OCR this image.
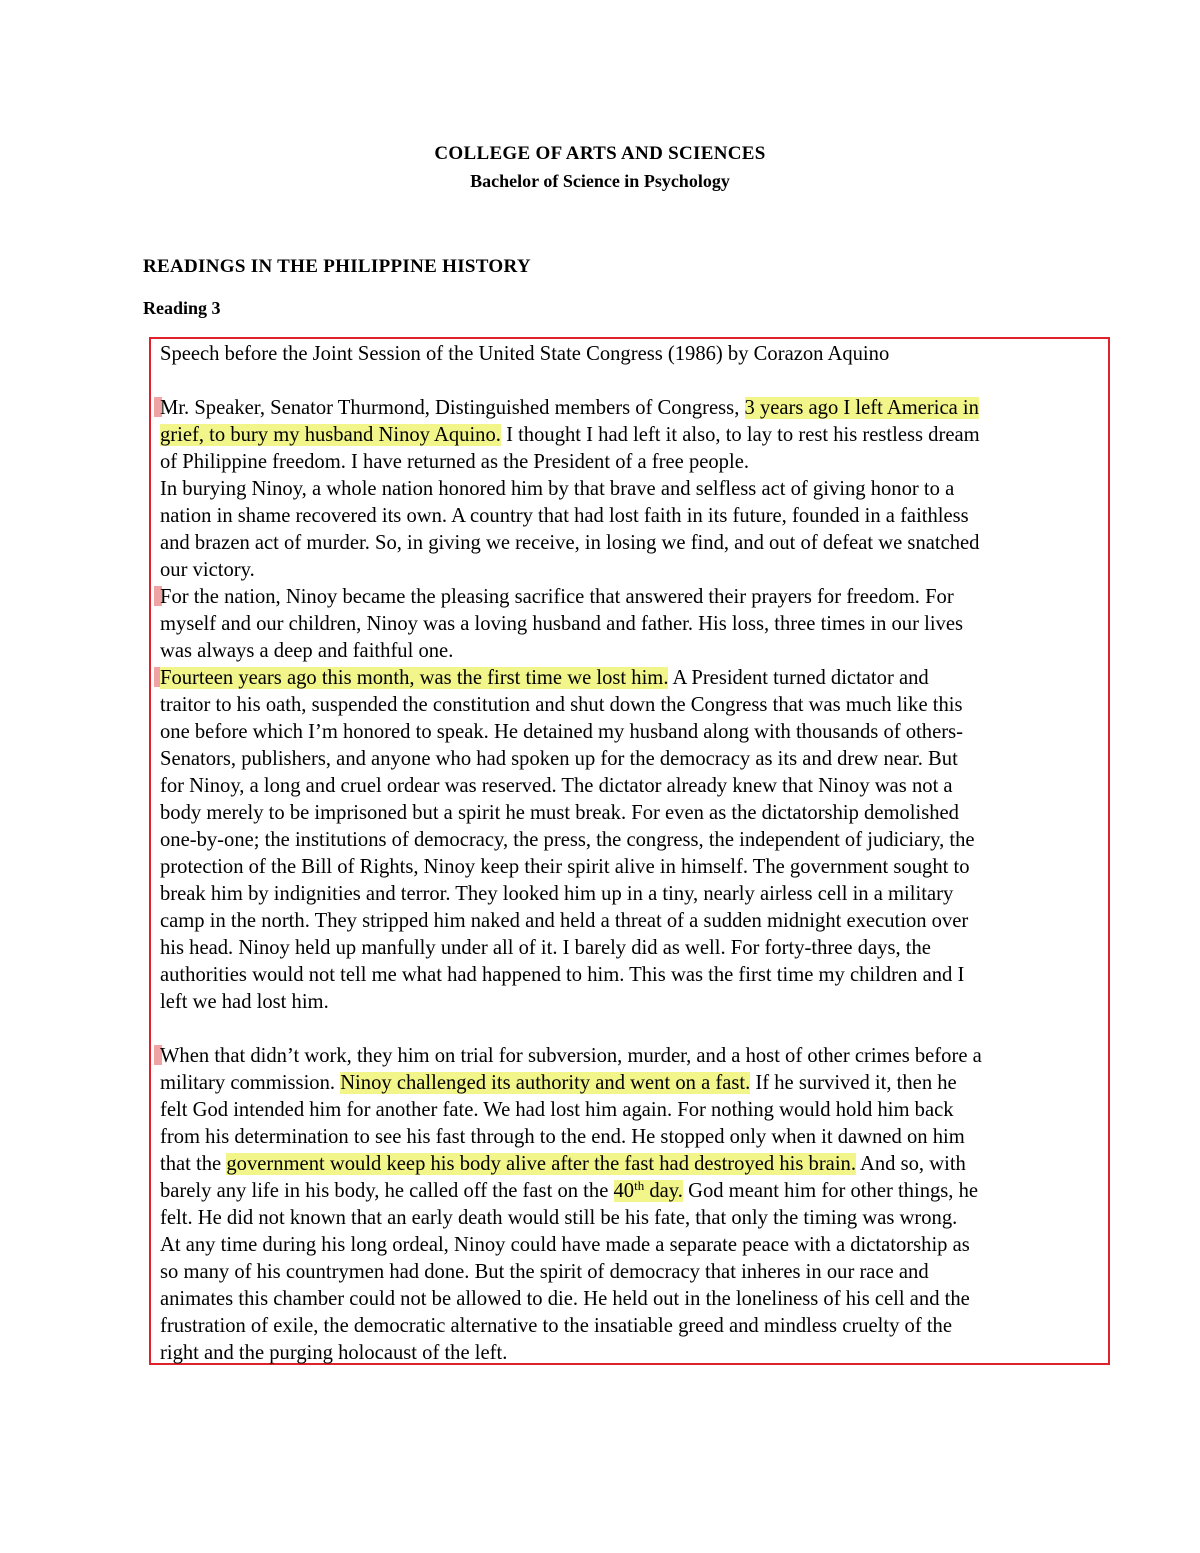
COLLEGE OF ARTS AND SCIENCES
Bachelor of Science in Psychology
READINGS IN THE PHILIPPINE HISTORY
Reading 3
Speech before the Joint Session of the United State Congress (1986) by Corazon Aquino
Mr. Speaker, Senator Thurmond, Distinguished members of Congress, 3 years ago I left America in
grief, to bury my husband Ninoy Aquino. I thought I had left it also, to lay to rest his restless dream
of Philippine freedom. I have returned as the President of a free people.
In burying Ninoy, a whole nation honored him by that brave and selfless act of giving honor to a
nation in shame recovered its own. A country that had lost faith in its future, founded in a faithless
and brazen act of murder. So, in giving we receive, in losing we find, and out of defeat we snatched
our victory.
For the nation, Ninoy became the pleasing sacrifice that answered their prayers for freedom. For
myself and our children, Ninoy was a loving husband and father. His loss, three times in our lives
was always a deep and faithful one.
Fourteen years ago this month, was the first time we lost him. A President turned dictator and
traitor to his oath, suspended the constitution and shut down the Congress that was much like this
one before which I’m honored to speak. He detained my husband along with thousands of others-
Senators, publishers, and anyone who had spoken up for the democracy as its and drew near. But
for Ninoy, a long and cruel ordear was reserved. The dictator already knew that Ninoy was not a
body merely to be imprisoned but a spirit he must break. For even as the dictatorship demolished
one-by-one; the institutions of democracy, the press, the congress, the independent of judiciary, the
protection of the Bill of Rights, Ninoy keep their spirit alive in himself. The government sought to
break him by indignities and terror. They looked him up in a tiny, nearly airless cell in a military
camp in the north. They stripped him naked and held a threat of a sudden midnight execution over
his head. Ninoy held up manfully under all of it. I barely did as well. For forty-three days, the
authorities would not tell me what had happened to him. This was the first time my children and I
left we had lost him.
When that didn’t work, they him on trial for subversion, murder, and a host of other crimes before a
military commission. Ninoy challenged its authority and went on a fast. If he survived it, then he
felt God intended him for another fate. We had lost him again. For nothing would hold him back
from his determination to see his fast through to the end. He stopped only when it dawned on him
that the government would keep his body alive after the fast had destroyed his brain. And so, with
barely any life in his body, he called off the fast on the 40th day. God meant him for other things, he
felt. He did not known that an early death would still be his fate, that only the timing was wrong.
At any time during his long ordeal, Ninoy could have made a separate peace with a dictatorship as
so many of his countrymen had done. But the spirit of democracy that inheres in our race and
animates this chamber could not be allowed to die. He held out in the loneliness of his cell and the
frustration of exile, the democratic alternative to the insatiable greed and mindless cruelty of the
right and the purging holocaust of the left.
